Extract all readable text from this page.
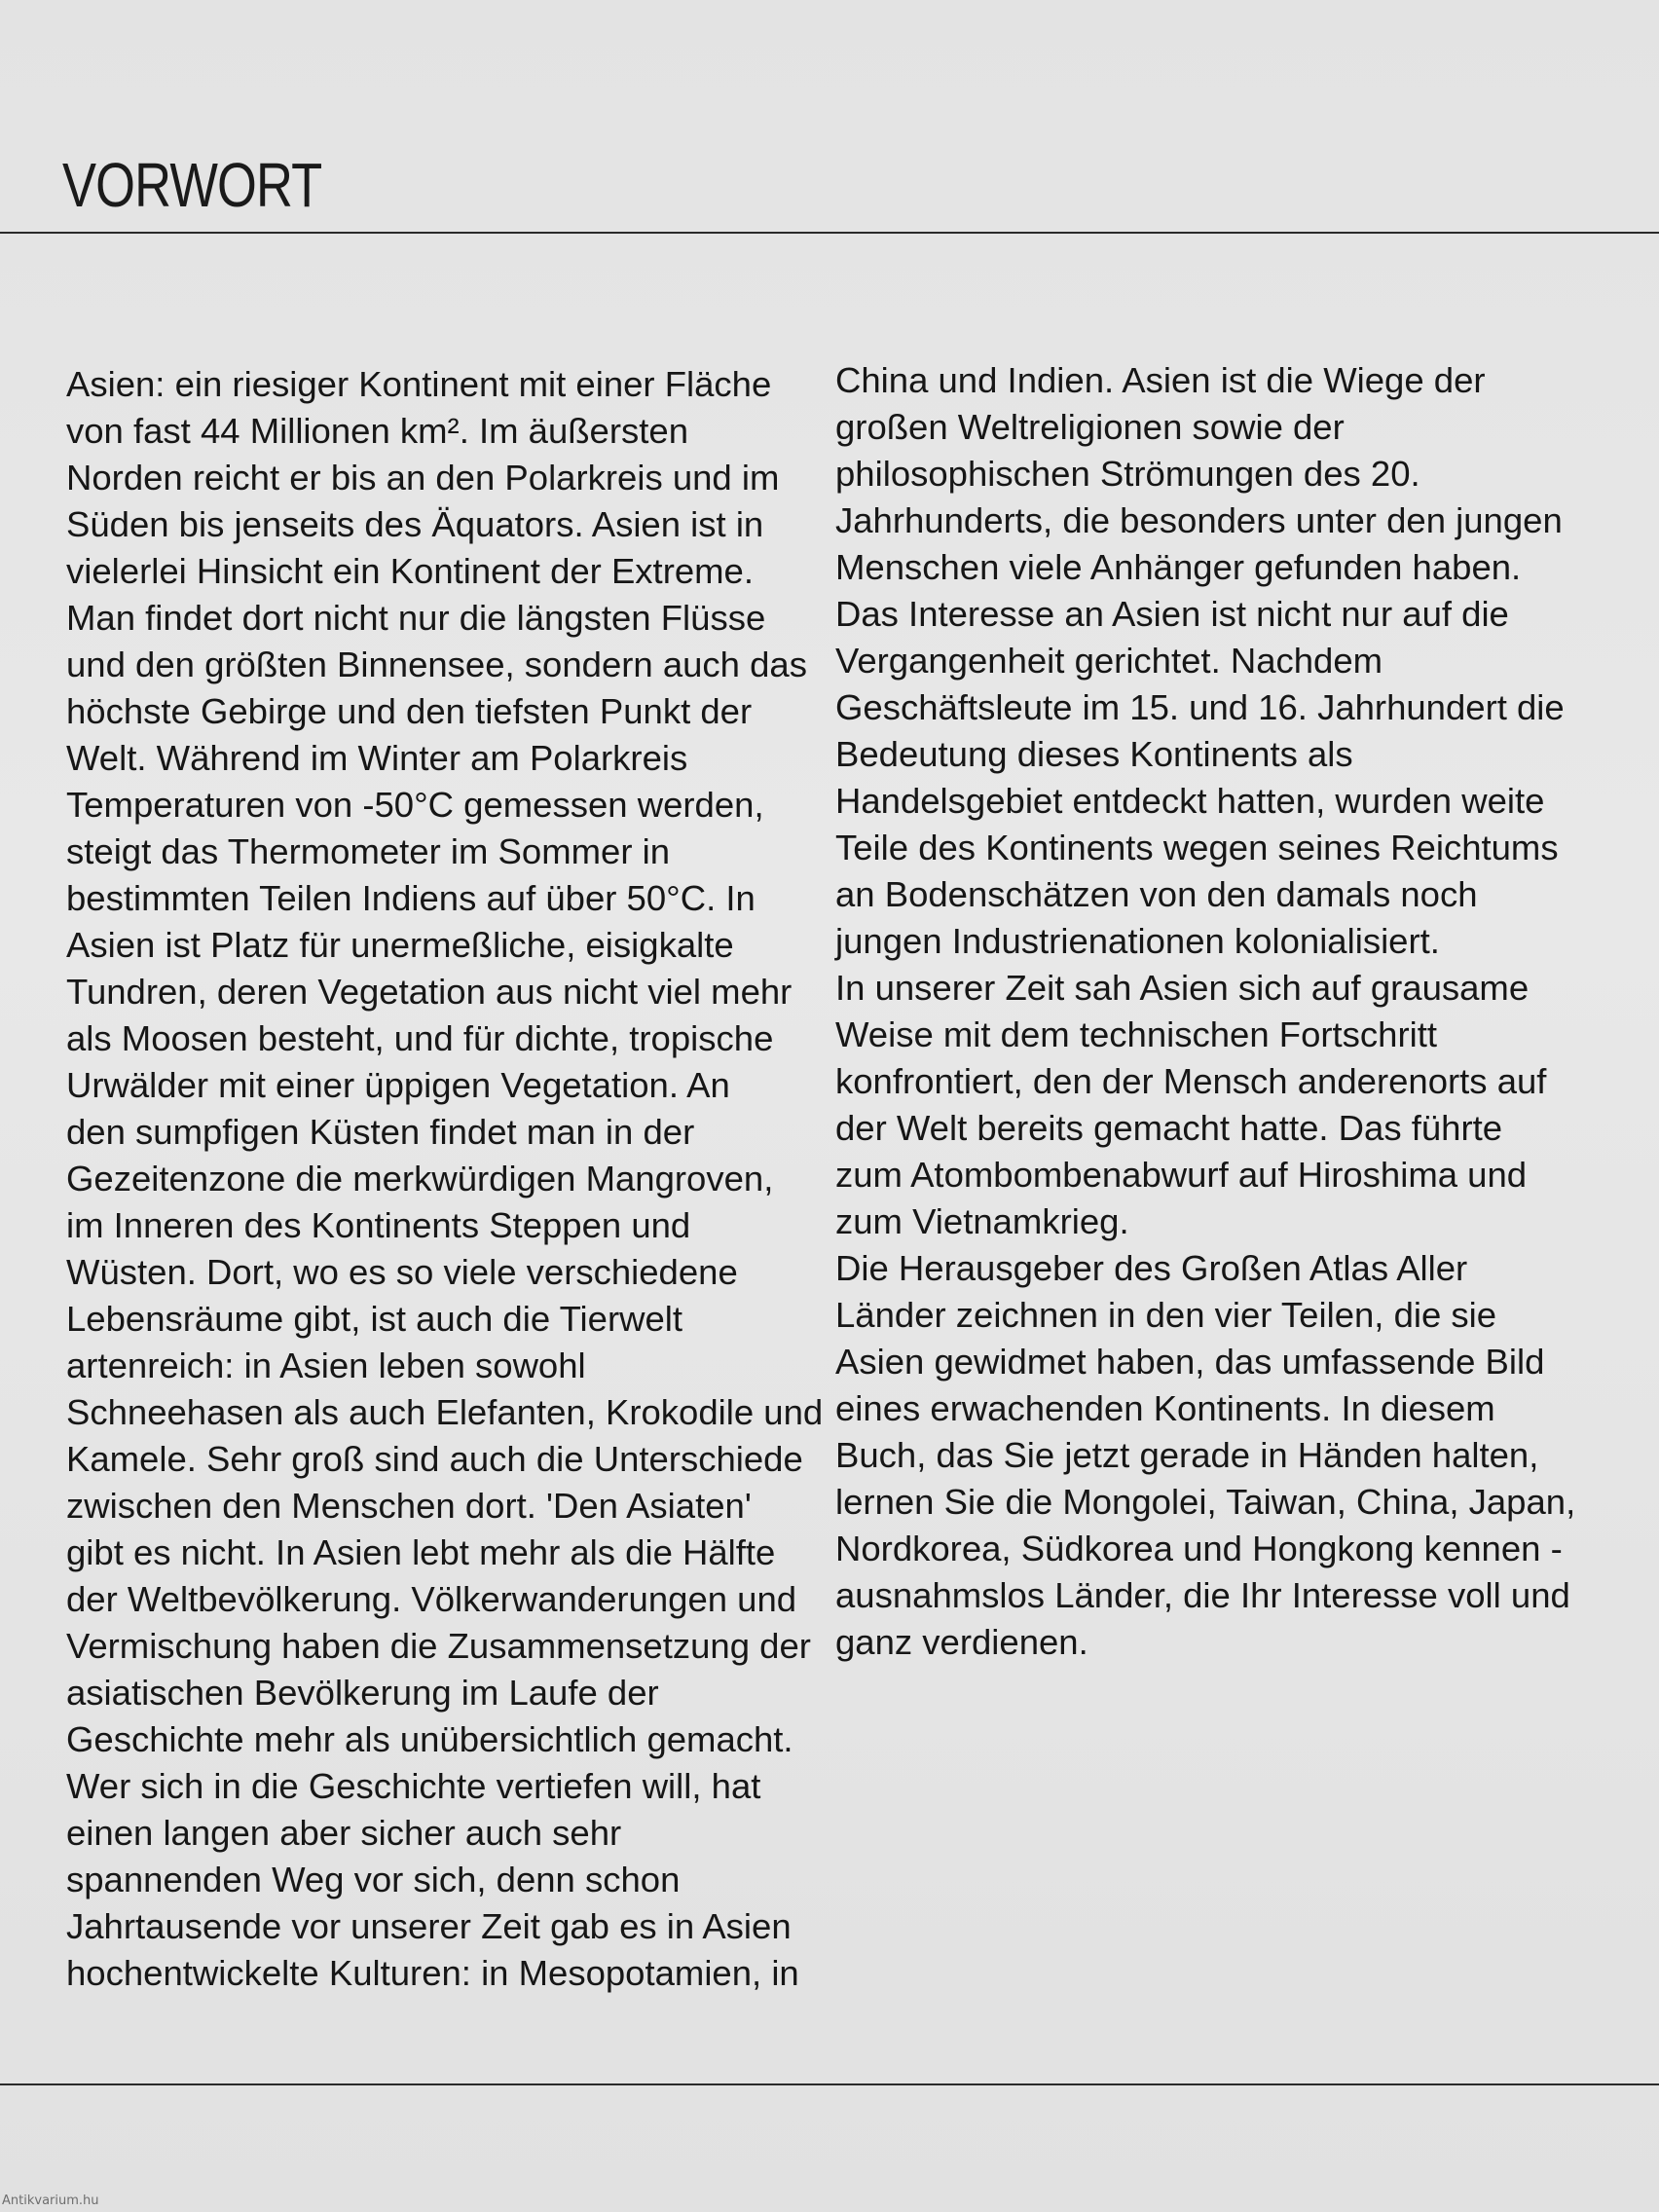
VORWORT

Asien: ein riesiger Kontinent mit einer Fläche

von fast 44 Millionen km². Im äußersten

Norden reicht er bis an den Polarkreis und im

Süden bis jenseits des Äquators. Asien ist in

vielerlei Hinsicht ein Kontinent der Extreme.

Man findet dort nicht nur die längsten Flüsse

und den größten Binnensee, sondern auch das

höchste Gebirge und den tiefsten Punkt der

Welt. Während im Winter am Polarkreis

Temperaturen von -50°C gemessen werden,

steigt das Thermometer im Sommer in

bestimmten Teilen Indiens auf über 50°C. In

Asien ist Platz für unermeßliche, eisigkalte

Tundren, deren Vegetation aus nicht viel mehr

als Moosen besteht, und für dichte, tropische

Urwälder mit einer üppigen Vegetation. An

den sumpfigen Küsten findet man in der

Gezeitenzone die merkwürdigen Mangroven,

im Inneren des Kontinents Steppen und

Wüsten. Dort, wo es so viele verschiedene

Lebensräume gibt, ist auch die Tierwelt

artenreich: in Asien leben sowohl

Schneehasen als auch Elefanten, Krokodile und

Kamele. Sehr groß sind auch die Unterschiede

zwischen den Menschen dort. 'Den Asiaten'

gibt es nicht. In Asien lebt mehr als die Hälfte

der Weltbevölkerung. Völkerwanderungen und

Vermischung haben die Zusammensetzung der

asiatischen Bevölkerung im Laufe der

Geschichte mehr als unübersichtlich gemacht.

Wer sich in die Geschichte vertiefen will, hat

einen langen aber sicher auch sehr

spannenden Weg vor sich, denn schon

Jahrtausende vor unserer Zeit gab es in Asien

hochentwickelte Kulturen: in Mesopotamien, in

China und Indien. Asien ist die Wiege der

großen Weltreligionen sowie der

philosophischen Strömungen des 20.

Jahrhunderts, die besonders unter den jungen

Menschen viele Anhänger gefunden haben.

Das Interesse an Asien ist nicht nur auf die

Vergangenheit gerichtet. Nachdem

Geschäftsleute im 15. und 16. Jahrhundert die

Bedeutung dieses Kontinents als

Handelsgebiet entdeckt hatten, wurden weite

Teile des Kontinents wegen seines Reichtums

an Bodenschätzen von den damals noch

jungen Industrienationen kolonialisiert.

In unserer Zeit sah Asien sich auf grausame

Weise mit dem technischen Fortschritt

konfrontiert, den der Mensch anderenorts auf

der Welt bereits gemacht hatte. Das führte

zum Atombombenabwurf auf Hiroshima und

zum Vietnamkrieg.

Die Herausgeber des Großen Atlas Aller

Länder zeichnen in den vier Teilen, die sie

Asien gewidmet haben, das umfassende Bild

eines erwachenden Kontinents. In diesem

Buch, das Sie jetzt gerade in Händen halten,

lernen Sie die Mongolei, Taiwan, China, Japan,

Nordkorea, Südkorea und Hongkong kennen -

ausnahmslos Länder, die Ihr Interesse voll und

ganz verdienen.

Antikvarium.hu
